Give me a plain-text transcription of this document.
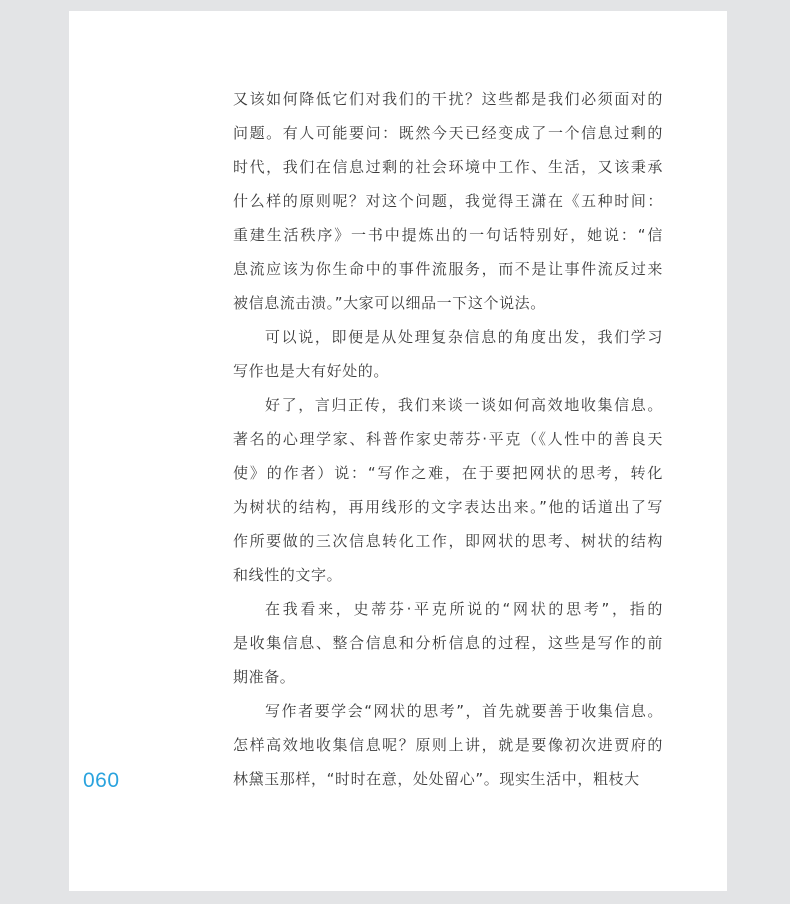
又该如何降低它们对我们的干扰？这些都是我们必须面对的
问题。有人可能要问：既然今天已经变成了一个信息过剩的
时代，我们在信息过剩的社会环境中工作、生活，又该秉承
什么样的原则呢？对这个问题，我觉得王潇在《五种时间：
重建生活秩序》一书中提炼出的一句话特别好，她说：“信
息流应该为你生命中的事件流服务，而不是让事件流反过来
被信息流击溃。”大家可以细品一下这个说法。
可以说，即便是从处理复杂信息的角度出发，我们学习
写作也是大有好处的。
好了，言归正传，我们来谈一谈如何高效地收集信息。
著名的心理学家、科普作家史蒂芬·平克（《人性中的善良天
使》的作者）说：“写作之难，在于要把网状的思考，转化
为树状的结构，再用线形的文字表达出来。”他的话道出了写
作所要做的三次信息转化工作，即网状的思考、树状的结构
和线性的文字。
在我看来，史蒂芬·平克所说的“网状的思考”，指的
是收集信息、整合信息和分析信息的过程，这些是写作的前
期准备。
写作者要学会“网状的思考”，首先就要善于收集信息。
怎样高效地收集信息呢？原则上讲，就是要像初次进贾府的
林黛玉那样，“时时在意，处处留心”。现实生活中，粗枝大
060
